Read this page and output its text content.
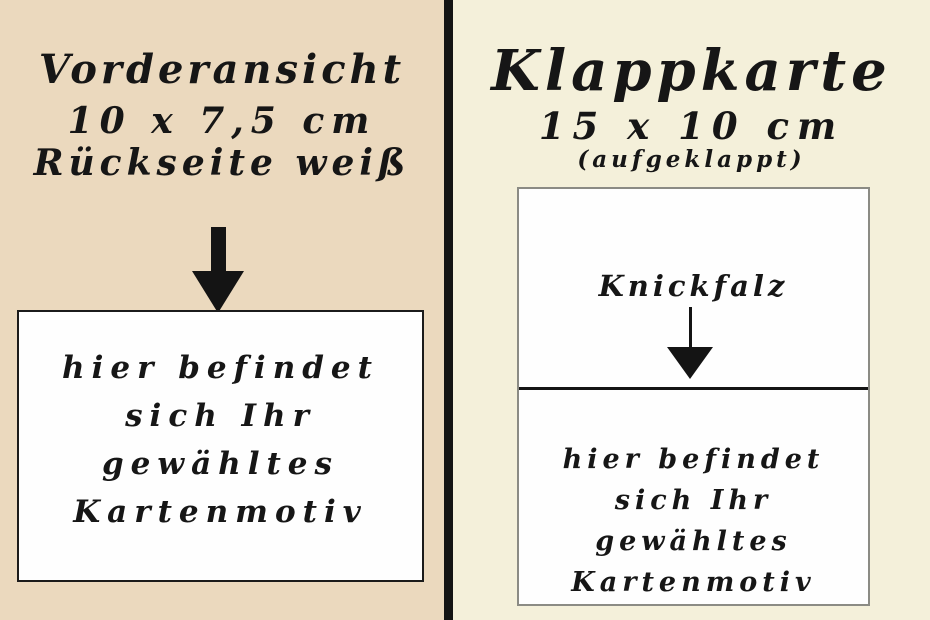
Vorderansicht
10 x 7,5 cm
Rückseite weiß
hier befindet
sich Ihr
gewähltes
Kartenmotiv
Klappkarte
15 x 10 cm
(aufgeklappt)
Knickfalz
hier befindet
sich Ihr
gewähltes
Kartenmotiv
